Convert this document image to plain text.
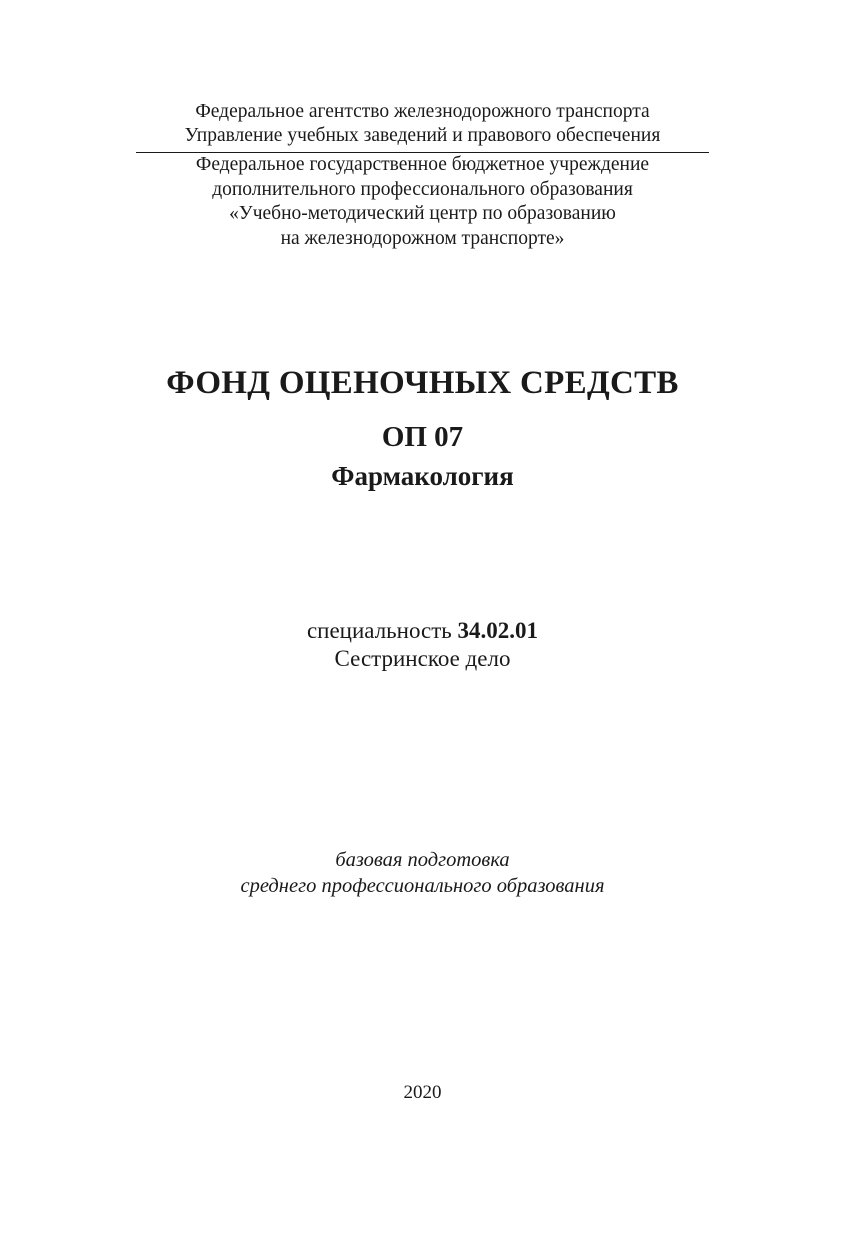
Федеральное агентство железнодорожного транспорта
Управление учебных заведений и правового обеспечения
Федеральное государственное бюджетное учреждение
дополнительного профессионального образования
«Учебно-методический центр по образованию
на железнодорожном транспорте»
ФОНД ОЦЕНОЧНЫХ СРЕДСТВ
ОП 07
Фармакология
специальность 34.02.01
Сестринское дело
базовая подготовка
среднего профессионального образования
2020
